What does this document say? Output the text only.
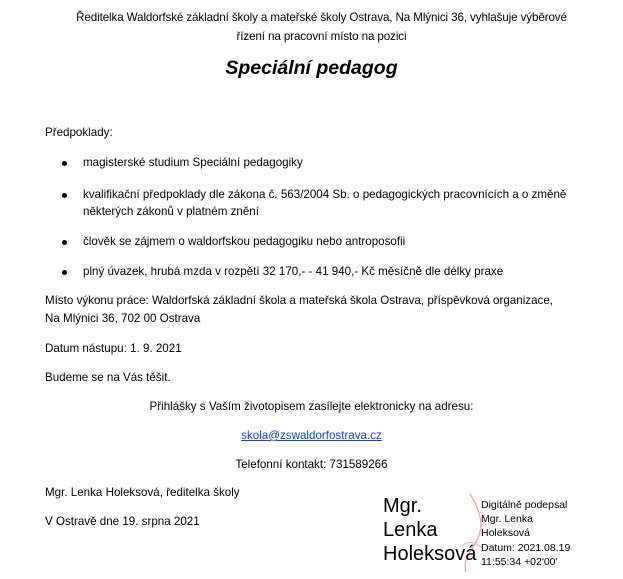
Ředitelka Waldorfské základní školy a mateřské školy Ostrava, Na Mlýnici 36, vyhlašuje výběrové
řízení na pracovní místo na pozici
Speciální pedagog
Předpoklady:
magisterské studium Speciální pedagogiky
kvalifikační předpoklady dle zákona č. 563/2004 Sb. o pedagogických pracovnících a o změně
některých zákonů v platném znění
člověk se zájmem o waldorfskou pedagogiku nebo antroposofii
plný úvazek, hrubá mzda v rozpětí 32 170,- - 41 940,- Kč měsíčně dle délky praxe
Místo výkonu práce: Waldorfská základní škola a mateřská škola Ostrava, příspěvková organizace,
Na Mlýnici 36, 702 00 Ostrava
Datum nástupu: 1. 9. 2021
Budeme se na Vás těšit.
Přihlášky s Vaším životopisem zasílejte elektronicky na adresu:
skola@zswaldorfostrava.cz
Telefonní kontakt: 731589266
Mgr. Lenka Holeksová, ředitelka školy
V Ostravě dne 19. srpna 2021
Mgr.
Lenka
Holeksová
Digitálně podepsal
Mgr. Lenka
Holeksová
Datum: 2021.08.19
11:55:34 +02'00'
